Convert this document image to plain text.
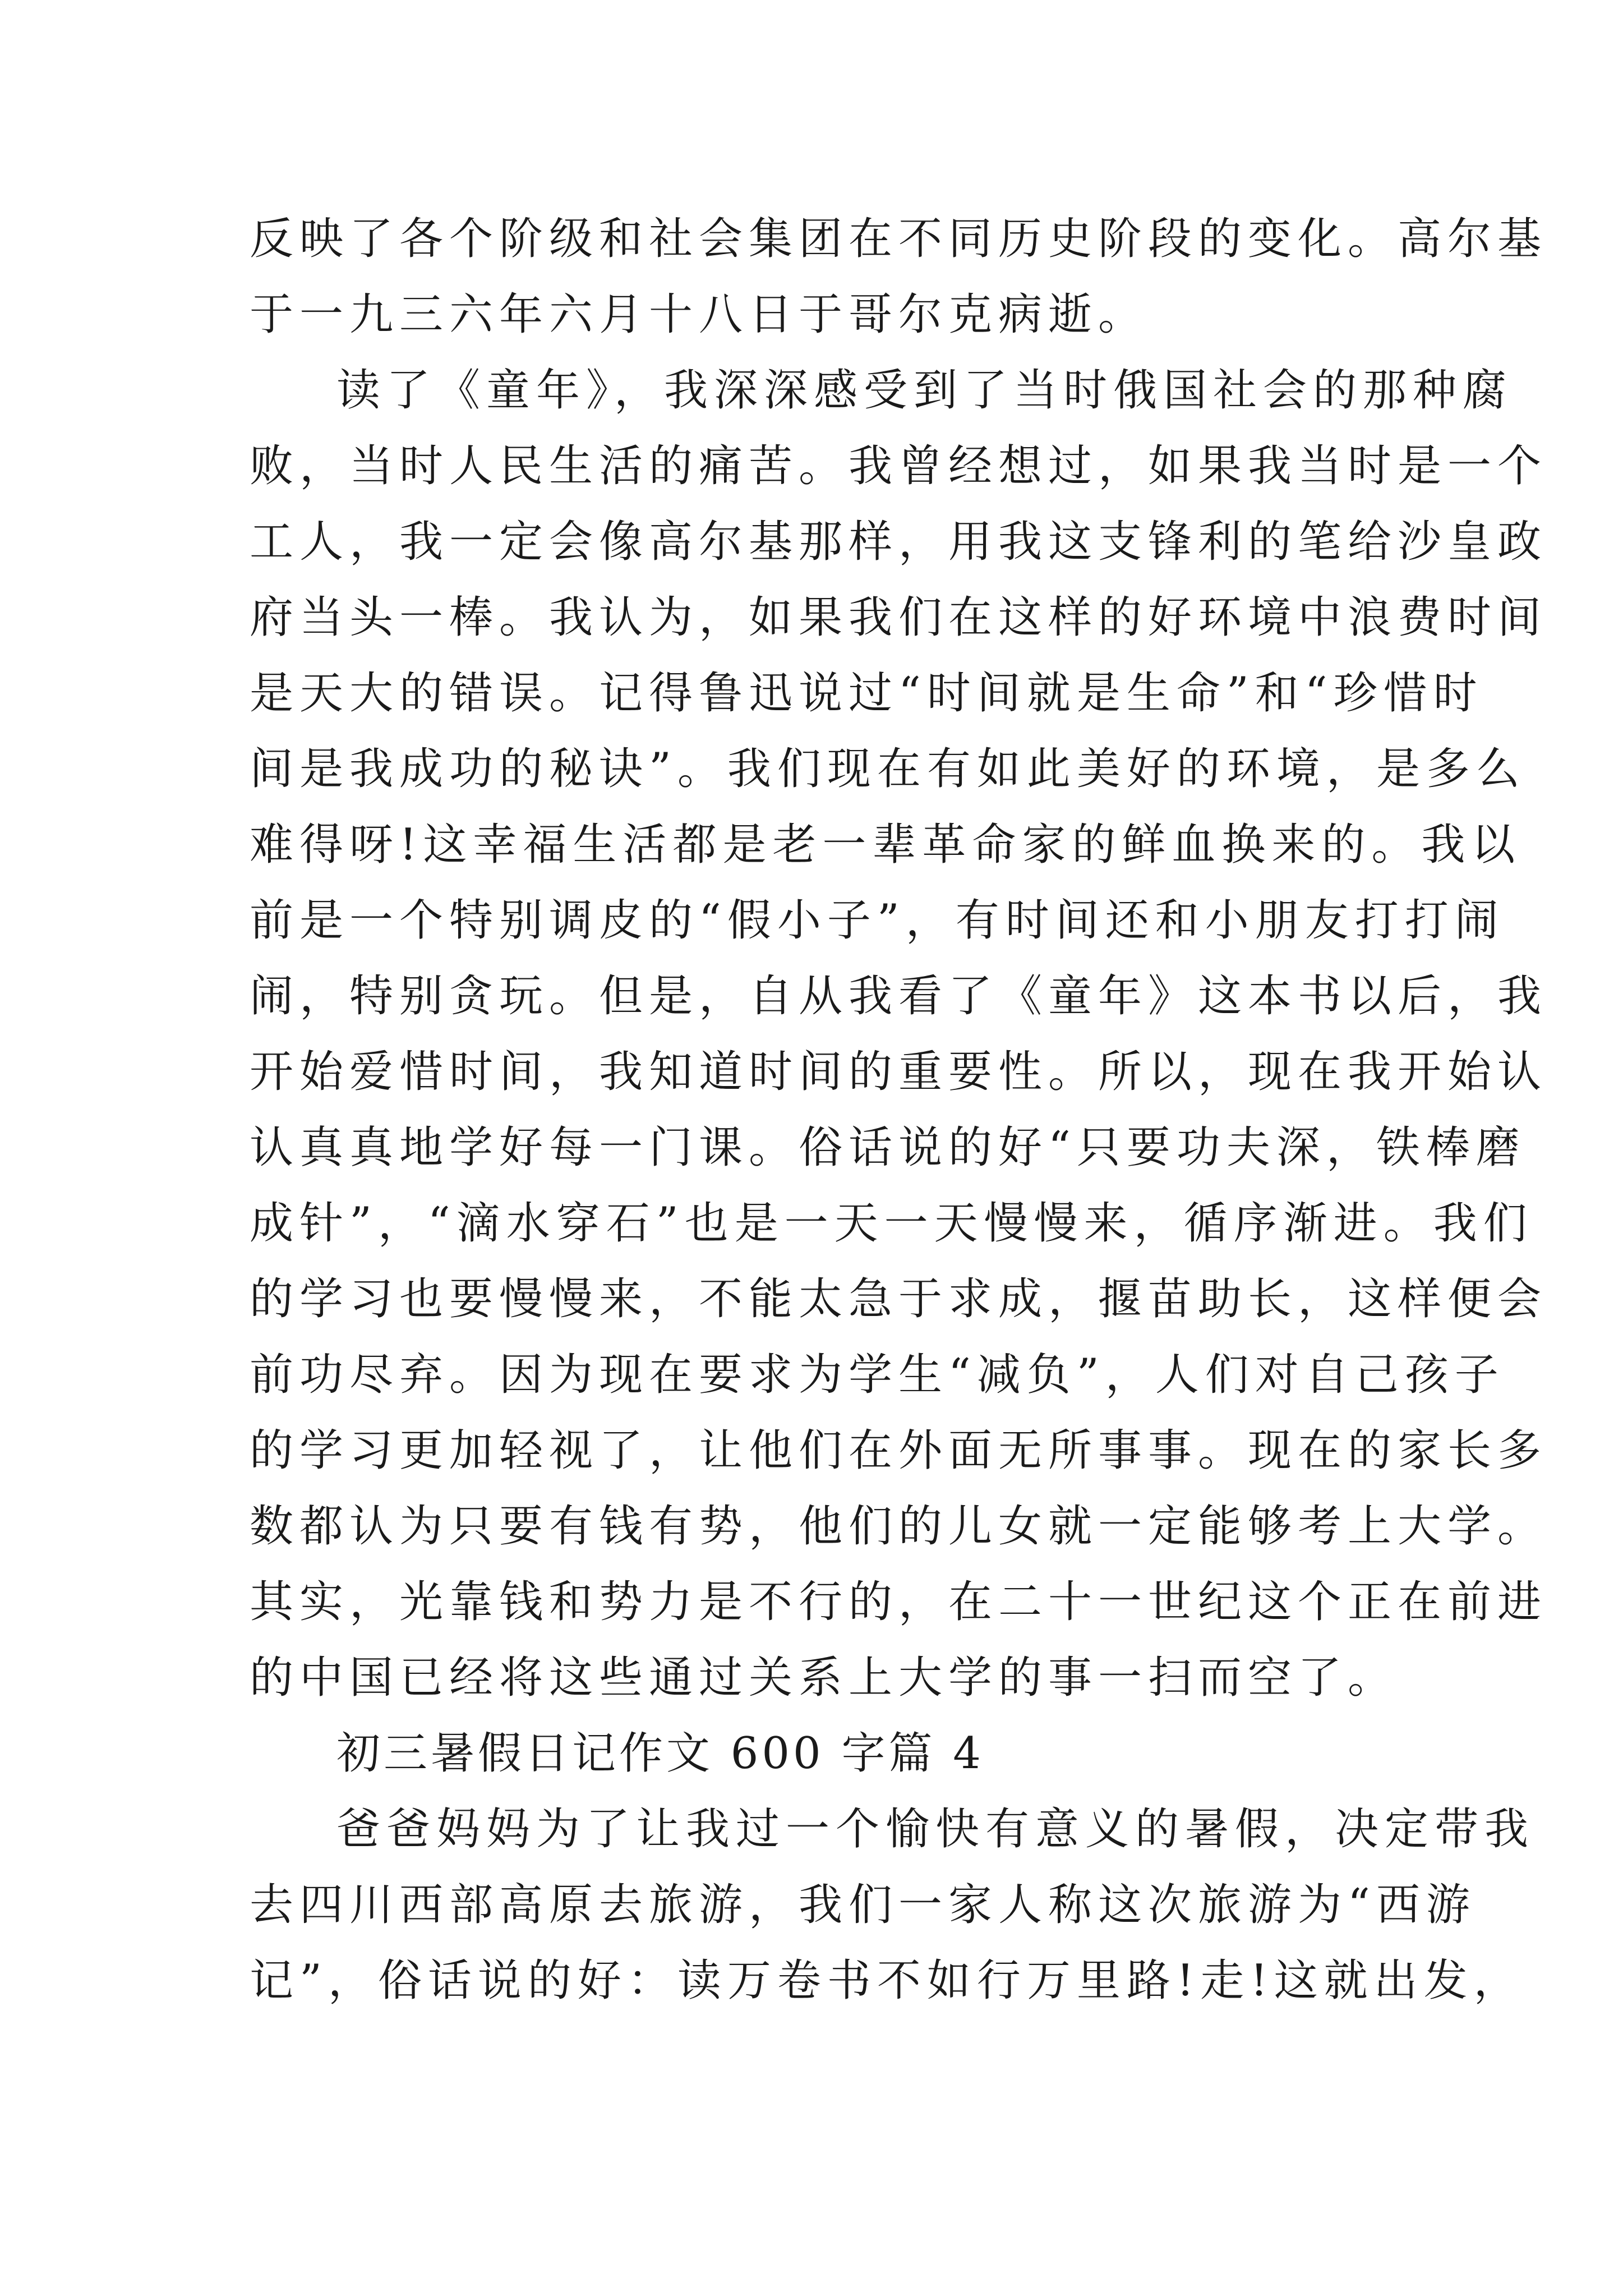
反映了各个阶级和社会集团在不同历史阶段的变化。高尔基
于一九三六年六月十八日于哥尔克病逝。
读了《童年》，我深深感受到了当时俄国社会的那种腐
败，当时人民生活的痛苦。我曾经想过，如果我当时是一个
工人，我一定会像高尔基那样，用我这支锋利的笔给沙皇政
府当头一棒。我认为，如果我们在这样的好环境中浪费时间
是天大的错误。记得鲁迅说过“时间就是生命”和“珍惜时
间是我成功的秘诀”。我们现在有如此美好的环境，是多么
难得呀!这幸福生活都是老一辈革命家的鲜血换来的。我以
前是一个特别调皮的“假小子”，有时间还和小朋友打打闹
闹，特别贪玩。但是，自从我看了《童年》这本书以后，我
开始爱惜时间，我知道时间的重要性。所以，现在我开始认
认真真地学好每一门课。俗话说的好“只要功夫深，铁棒磨
成针”，“滴水穿石”也是一天一天慢慢来，循序渐进。我们
的学习也要慢慢来，不能太急于求成，揠苗助长，这样便会
前功尽弃。因为现在要求为学生“减负”，人们对自己孩子
的学习更加轻视了，让他们在外面无所事事。现在的家长多
数都认为只要有钱有势，他们的儿女就一定能够考上大学。
其实，光靠钱和势力是不行的，在二十一世纪这个正在前进
的中国已经将这些通过关系上大学的事一扫而空了。
初三暑假日记作文 600 字篇 4
爸爸妈妈为了让我过一个愉快有意义的暑假，决定带我
去四川西部高原去旅游，我们一家人称这次旅游为“西游
记”，俗话说的好：读万卷书不如行万里路!走!这就出发，
